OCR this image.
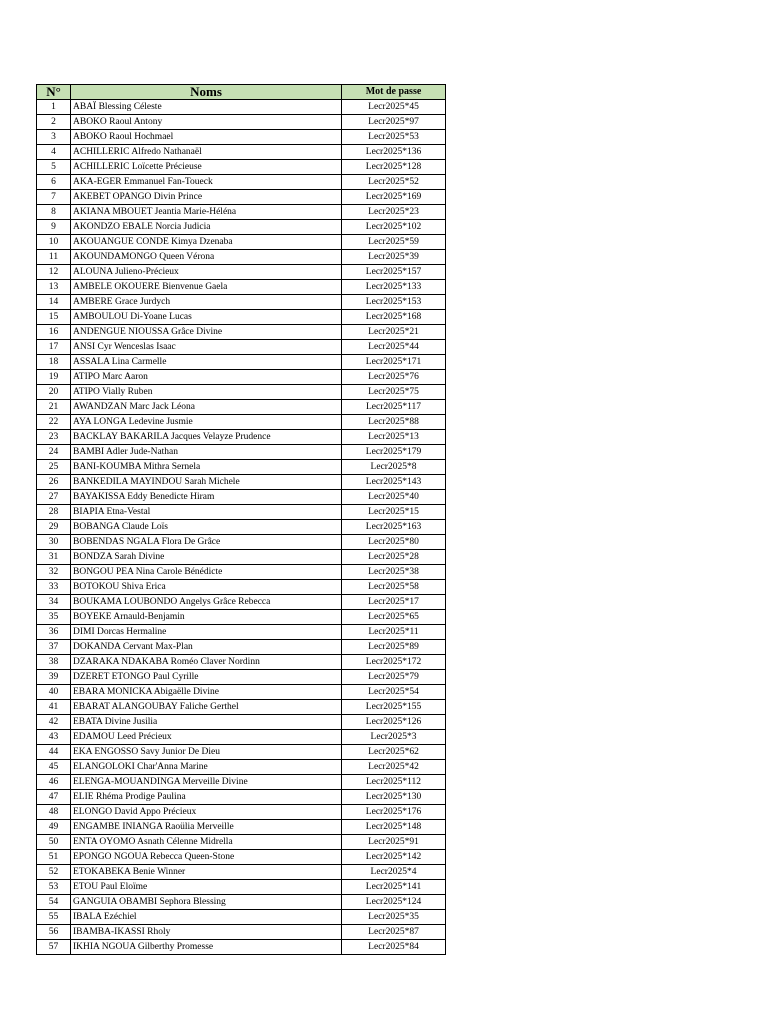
N°	Noms	Mot de passe
1	ABAÏ Blessing Céleste	Lecr2025*45
2	ABOKO Raoul Antony	Lecr2025*97
3	ABOKO Raoul Hochmael	Lecr2025*53
4	ACHILLERIC Alfredo Nathanaël	Lecr2025*136
5	ACHILLERIC Loïcette Précieuse	Lecr2025*128
6	AKA-EGER Emmanuel Fan-Toueck	Lecr2025*52
7	AKEBET OPANGO Divin Prince	Lecr2025*169
8	AKIANA MBOUET Jeantia Marie-Héléna	Lecr2025*23
9	AKONDZO EBALE Norcia Judicia	Lecr2025*102
10	AKOUANGUE CONDE Kimya Dzenaba	Lecr2025*59
11	AKOUNDAMONGO Queen Vérona	Lecr2025*39
12	ALOUNA Julieno-Précieux	Lecr2025*157
13	AMBELE OKOUERE Bienvenue Gaela	Lecr2025*133
14	AMBERE Grace Jurdych	Lecr2025*153
15	AMBOULOU Di-Yoane Lucas	Lecr2025*168
16	ANDENGUE NIOUSSA Grâce Divine	Lecr2025*21
17	ANSI Cyr Wenceslas Isaac	Lecr2025*44
18	ASSALA Lina Carmelle	Lecr2025*171
19	ATIPO Marc Aaron	Lecr2025*76
20	ATIPO Vially Ruben	Lecr2025*75
21	AWANDZAN Marc Jack Léona	Lecr2025*117
22	AYA LONGA Ledevine Jusmie	Lecr2025*88
23	BACKLAY BAKARILA Jacques Velayze Prudence	Lecr2025*13
24	BAMBI Adler Jude-Nathan	Lecr2025*179
25	BANI-KOUMBA Mithra Sernela	Lecr2025*8
26	BANKEDILA MAYINDOU Sarah Michele	Lecr2025*143
27	BAYAKISSA Eddy Benedicte Hiram	Lecr2025*40
28	BIAPIA Etna-Vestal	Lecr2025*15
29	BOBANGA Claude Loïs	Lecr2025*163
30	BOBENDAS NGALA Flora De Grâce	Lecr2025*80
31	BONDZA Sarah Divine	Lecr2025*28
32	BONGOU PEA Nina Carole Bénédicte	Lecr2025*38
33	BOTOKOU Shiva Erica	Lecr2025*58
34	BOUKAMA LOUBONDO Angelys Grâce Rebecca	Lecr2025*17
35	BOYEKE Arnauld-Benjamin	Lecr2025*65
36	DIMI Dorcas Hermaline	Lecr2025*11
37	DOKANDA Cervant Max-Plan	Lecr2025*89
38	DZARAKA NDAKABA Roméo Claver Nordinn	Lecr2025*172
39	DZERET ETONGO Paul Cyrille	Lecr2025*79
40	EBARA MONICKA Abigaëlle Divine	Lecr2025*54
41	EBARAT ALANGOUBAY Faliche Gerthel	Lecr2025*155
42	EBATA Divine Jusilia	Lecr2025*126
43	EDAMOU Leed Précieux	Lecr2025*3
44	EKA ENGOSSO Savy Junior De Dieu	Lecr2025*62
45	ELANGOLOKI Char'Anna Marine	Lecr2025*42
46	ELENGA-MOUANDINGA Merveille Divine	Lecr2025*112
47	ELIE Rhéma Prodige Paulina	Lecr2025*130
48	ELONGO David Appo Précieux	Lecr2025*176
49	ENGAMBE INIANGA Raoülia Merveille	Lecr2025*148
50	ENTA OYOMO Asnath Célenne Midrella	Lecr2025*91
51	EPONGO NGOUA Rebecca Queen-Stone	Lecr2025*142
52	ETOKABEKA Benie Winner	Lecr2025*4
53	ETOU Paul Eloïme	Lecr2025*141
54	GANGUIA OBAMBI Sephora Blessing	Lecr2025*124
55	IBALA Ezéchiel	Lecr2025*35
56	IBAMBA-IKASSI Rholy	Lecr2025*87
57	IKHIA NGOUA Gilberthy Promesse	Lecr2025*84
